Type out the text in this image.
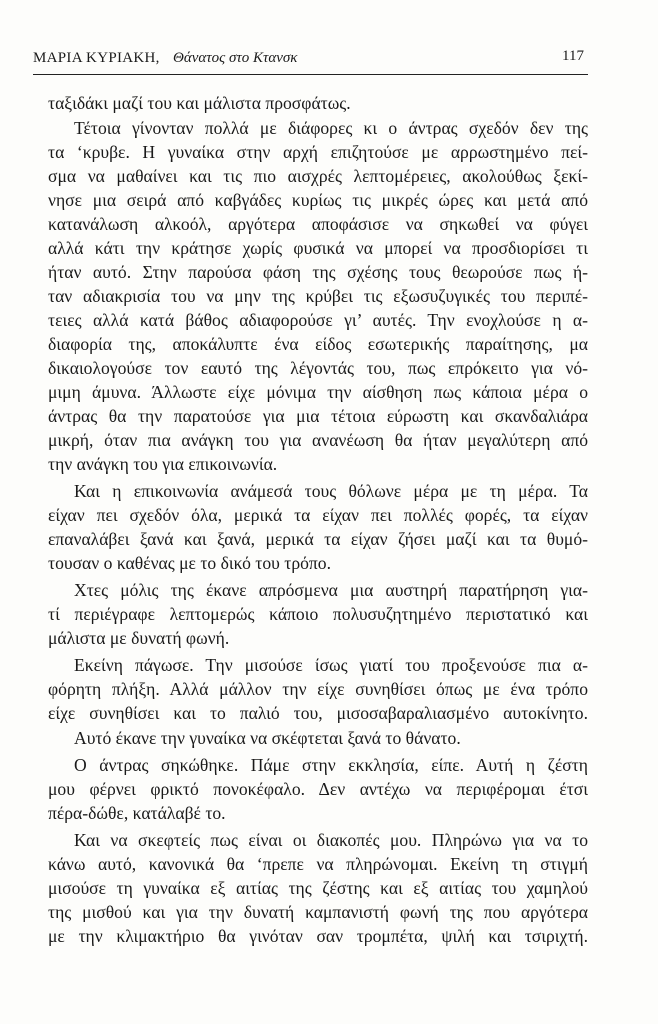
ΜΑΡΙΑ ΚΥΡΙΑΚΗ, Θάνατος στο Κτανσκ	117
ταξιδάκι μαζί του και μάλιστα προσφάτως.
Τέτοια γίνονταν πολλά με διάφορες κι ο άντρας σχεδόν δεν της
τα ‘κρυβε. Η γυναίκα στην αρχή επιζητούσε με αρρωστημένο πεί-
σμα να μαθαίνει και τις πιο αισχρές λεπτομέρειες, ακολούθως ξεκί-
νησε μια σειρά από καβγάδες κυρίως τις μικρές ώρες και μετά από
κατανάλωση αλκοόλ, αργότερα αποφάσισε να σηκωθεί να φύγει
αλλά κάτι την κράτησε χωρίς φυσικά να μπορεί να προσδιορίσει τι
ήταν αυτό. Στην παρούσα φάση της σχέσης τους θεωρούσε πως ή-
ταν αδιακρισία του να μην της κρύβει τις εξωσυζυγικές του περιπέ-
τειες αλλά κατά βάθος αδιαφορούσε γι’ αυτές. Την ενοχλούσε η α-
διαφορία της, αποκάλυπτε ένα είδος εσωτερικής παραίτησης, μα
δικαιολογούσε τον εαυτό της λέγοντάς του, πως επρόκειτο για νό-
μιμη άμυνα. Άλλωστε είχε μόνιμα την αίσθηση πως κάποια μέρα ο
άντρας θα την παρατούσε για μια τέτοια εύρωστη και σκανδαλιάρα
μικρή, όταν πια ανάγκη του για ανανέωση θα ήταν μεγαλύτερη από
την ανάγκη του για επικοινωνία.
Και η επικοινωνία ανάμεσά τους θόλωνε μέρα με τη μέρα. Τα
είχαν πει σχεδόν όλα, μερικά τα είχαν πει πολλές φορές, τα είχαν
επαναλάβει ξανά και ξανά, μερικά τα είχαν ζήσει μαζί και τα θυμό-
τουσαν ο καθένας με το δικό του τρόπο.
Χτες μόλις της έκανε απρόσμενα μια αυστηρή παρατήρηση για-
τί περιέγραφε λεπτομερώς κάποιο πολυσυζητημένο περιστατικό και
μάλιστα με δυνατή φωνή.
Εκείνη πάγωσε. Την μισούσε ίσως γιατί του προξενούσε πια α-
φόρητη πλήξη. Αλλά μάλλον την είχε συνηθίσει όπως με ένα τρόπο
είχε συνηθίσει και το παλιό του, μισοσαβαραλιασμένο αυτοκίνητο.
Αυτό έκανε την γυναίκα να σκέφτεται ξανά το θάνατο.
Ο άντρας σηκώθηκε. Πάμε στην εκκλησία, είπε. Αυτή η ζέστη
μου φέρνει φρικτό πονοκέφαλο. Δεν αντέχω να περιφέρομαι έτσι
πέρα-δώθε, κατάλαβέ το.
Και να σκεφτείς πως είναι οι διακοπές μου. Πληρώνω για να το
κάνω αυτό, κανονικά θα ‘πρεπε να πληρώνομαι. Εκείνη τη στιγμή
μισούσε τη γυναίκα εξ αιτίας της ζέστης και εξ αιτίας του χαμηλού
της μισθού και για την δυνατή καμπανιστή φωνή της που αργότερα
με την κλιμακτήριο θα γινόταν σαν τρομπέτα, ψιλή και τσιριχτή.
